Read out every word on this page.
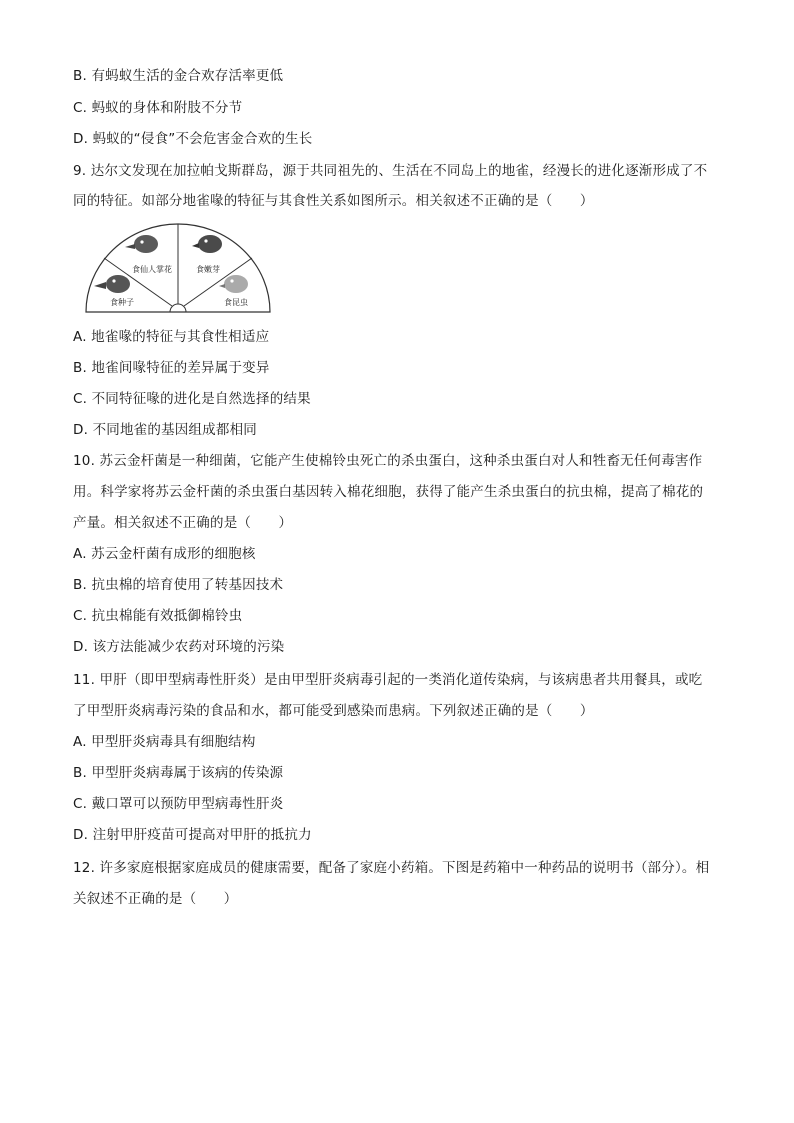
B. 有蚂蚁生活的金合欢存活率更低
C. 蚂蚁的身体和附肢不分节
D. 蚂蚁的“侵食”不会危害金合欢的生长
9. 达尔文发现在加拉帕戈斯群岛，源于共同祖先的、生活在不同岛上的地雀，经漫长的进化逐渐形成了不
同的特征。如部分地雀喙的特征与其食性关系如图所示。相关叙述不正确的是（　　）
食种子
食仙人掌花	食嫩芽
食昆虫
A. 地雀喙的特征与其食性相适应
B. 地雀间喙特征的差异属于变异
C. 不同特征喙的进化是自然选择的结果
D. 不同地雀的基因组成都相同
10. 苏云金杆菌是一种细菌，它能产生使棉铃虫死亡的杀虫蛋白，这种杀虫蛋白对人和牲畜无任何毒害作
用。科学家将苏云金杆菌的杀虫蛋白基因转入棉花细胞，获得了能产生杀虫蛋白的抗虫棉，提高了棉花的
产量。相关叙述不正确的是（　　）
A. 苏云金杆菌有成形的细胞核
B. 抗虫棉的培育使用了转基因技术
C. 抗虫棉能有效抵御棉铃虫
D. 该方法能减少农药对环境的污染
11. 甲肝（即甲型病毒性肝炎）是由甲型肝炎病毒引起的一类消化道传染病，与该病患者共用餐具，或吃
了甲型肝炎病毒污染的食品和水，都可能受到感染而患病。下列叙述正确的是（　　）
A. 甲型肝炎病毒具有细胞结构
B. 甲型肝炎病毒属于该病的传染源
C. 戴口罩可以预防甲型病毒性肝炎
D. 注射甲肝疫苗可提高对甲肝的抵抗力
12. 许多家庭根据家庭成员的健康需要，配备了家庭小药箱。下图是药箱中一种药品的说明书（部分）。相
关叙述不正确的是（　　）
